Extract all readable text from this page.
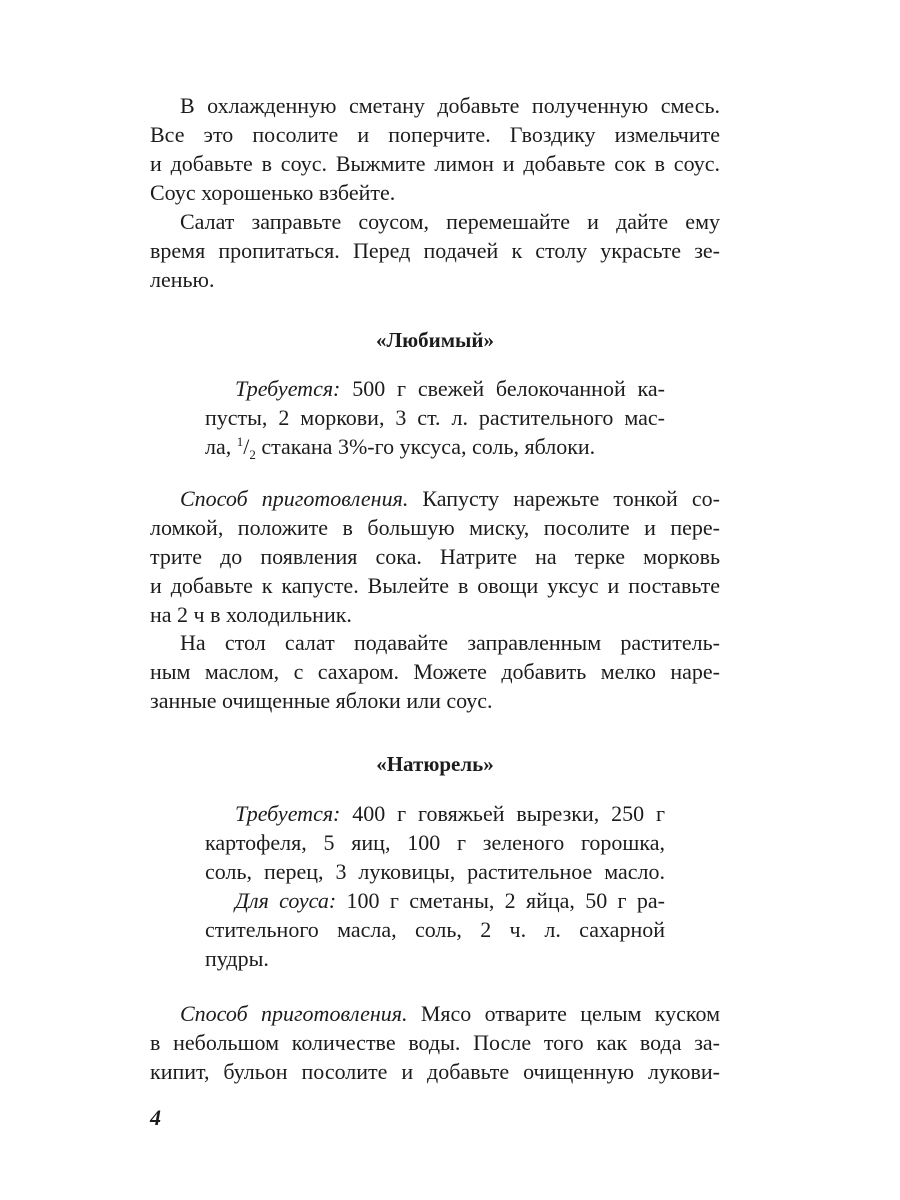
В охлажденную сметану добавьте полученную смесь.
Все это посолите и поперчите. Гвоздику измельчите
и добавьте в соус. Выжмите лимон и добавьте сок в соус.
Соус хорошенько взбейте.
Салат заправьте соусом, перемешайте и дайте ему
время пропитаться. Перед подачей к столу украсьте зе-
ленью.
«Любимый»
Требуется: 500 г свежей белокочанной ка-
пусты, 2 моркови, 3 ст. л. растительного мас-
ла, $^1/_2$ стакана 3%-го уксуса, соль, яблоки.
Способ приготовления. Капусту нарежьте тонкой со-
ломкой, положите в большую миску, посолите и пере-
трите до появления сока. Натрите на терке морковь
и добавьте к капусте. Вылейте в овощи уксус и поставьте
на 2 ч в холодильник.
На стол салат подавайте заправленным раститель-
ным маслом, с сахаром. Можете добавить мелко наре-
занные очищенные яблоки или соус.
«Натюрель»
Требуется: 400 г говяжьей вырезки, 250 г
картофеля, 5 яиц, 100 г зеленого горошка,
соль, перец, 3 луковицы, растительное масло.
Для соуса: 100 г сметаны, 2 яйца, 50 г ра-
стительного масла, соль, 2 ч. л. сахарной
пудры.
Способ приготовления. Мясо отварите целым куском
в небольшом количестве воды. После того как вода за-
кипит, бульон посолите и добавьте очищенную лукови-
4
